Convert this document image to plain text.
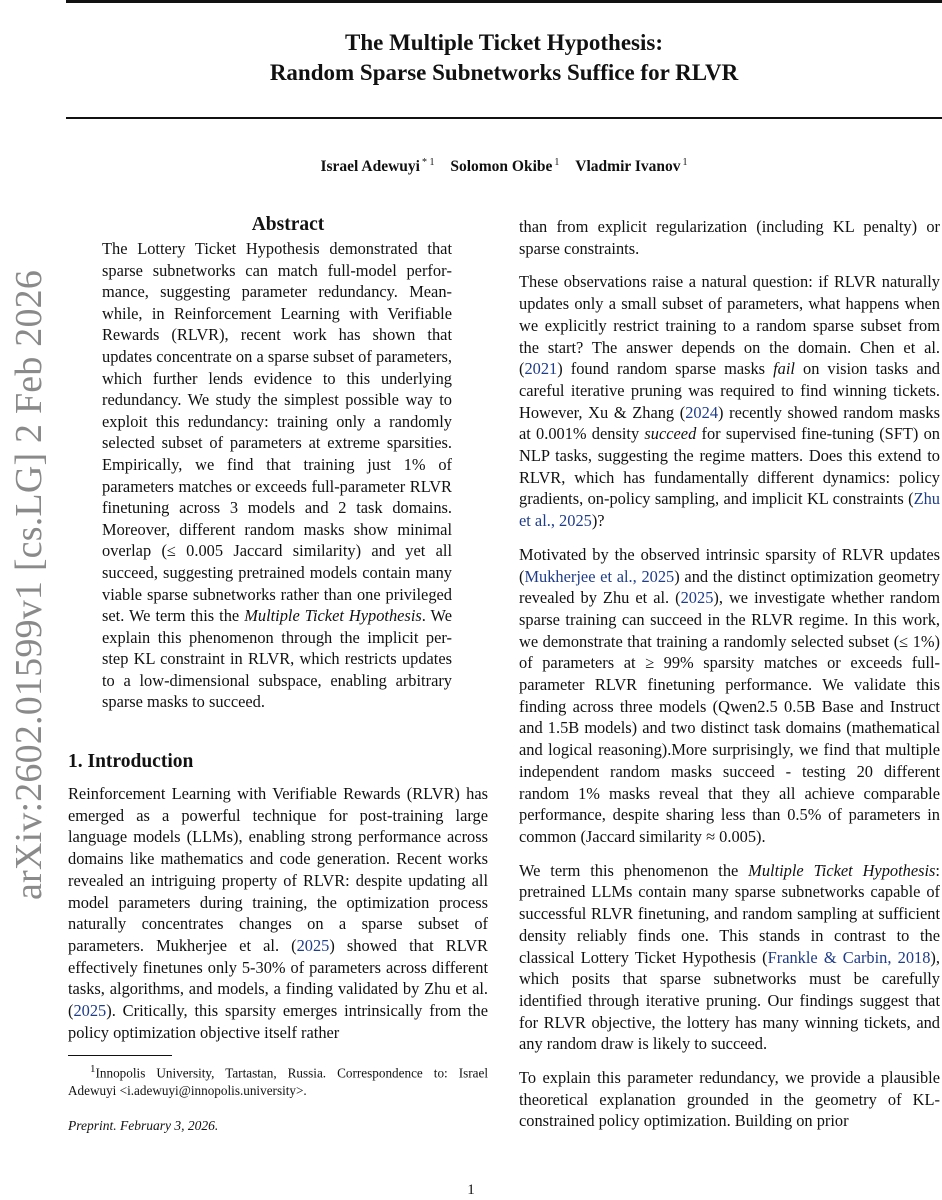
arXiv:2602.01599v1 [cs.LG] 2 Feb 2026
The Multiple Ticket Hypothesis:
Random Sparse Subnetworks Suffice for RLVR
Israel Adewuyi $^{* 1}$ Solomon Okibe $^1$ Vladmir Ivanov $^1$
Abstract
The Lottery Ticket Hypothesis demonstrated that sparse subnetworks can match full-model performance, suggesting parameter redundancy. Meanwhile, in Reinforcement Learning with Verifiable Rewards (RLVR), recent work has shown that updates concentrate on a sparse subset of parameters, which further lends evidence to this underlying redundancy. We study the simplest possible way to exploit this redundancy: training only a randomly selected subset of parameters at extreme sparsities. Empirically, we find that training just 1% of parameters matches or exceeds full-parameter RLVR finetuning across 3 models and 2 task domains. Moreover, different random masks show minimal overlap (≤ 0.005 Jaccard similarity) and yet all succeed, suggesting pretrained models contain many viable sparse subnetworks rather than one privileged set. We term this the Multiple Ticket Hypothesis. We explain this phenomenon through the implicit per-step KL constraint in RLVR, which restricts updates to a low-dimensional subspace, enabling arbitrary sparse masks to succeed.
1. Introduction

Reinforcement Learning with Verifiable Rewards (RLVR) has emerged as a powerful technique for post-training large language models (LLMs), enabling strong performance across domains like mathematics and code generation. Recent works revealed an intriguing property of RLVR: despite updating all model parameters during training, the optimization process naturally concentrates changes on a sparse subset of parameters. Mukherjee et al. (2025) showed that RLVR effectively finetunes only 5-30% of parameters across different tasks, algorithms, and models, a finding validated by Zhu et al. (2025). Critically, this sparsity emerges intrinsically from the policy optimization objective itself rather

$^1$Innopolis University, Tartastan, Russia. Correspondence to: Israel Adewuyi <i.adewuyi@innopolis.university>.
Preprint. February 3, 2026.

than from explicit regularization (including KL penalty) or sparse constraints.

These observations raise a natural question: if RLVR naturally updates only a small subset of parameters, what happens when we explicitly restrict training to a random sparse subset from the start? The answer depends on the domain. Chen et al. (2021) found random sparse masks fail on vision tasks and careful iterative pruning was required to find winning tickets. However, Xu & Zhang (2024) recently showed random masks at 0.001% density succeed for supervised fine-tuning (SFT) on NLP tasks, suggesting the regime matters. Does this extend to RLVR, which has fundamentally different dynamics: policy gradients, on-policy sampling, and implicit KL constraints (Zhu et al., 2025)?

Motivated by the observed intrinsic sparsity of RLVR updates (Mukherjee et al., 2025) and the distinct optimization geometry revealed by Zhu et al. (2025), we investigate whether random sparse training can succeed in the RLVR regime. In this work, we demonstrate that training a randomly selected subset (≤ 1%) of parameters at ≥ 99% sparsity matches or exceeds full-parameter RLVR finetuning performance. We validate this finding across three models (Qwen2.5 0.5B Base and Instruct and 1.5B models) and two distinct task domains (mathematical and logical reasoning).More surprisingly, we find that multiple independent random masks succeed - testing 20 different random 1% masks reveal that they all achieve comparable performance, despite sharing less than 0.5% of parameters in common (Jaccard similarity ≈ 0.005).

We term this phenomenon the Multiple Ticket Hypothesis: pretrained LLMs contain many sparse subnetworks capable of successful RLVR finetuning, and random sampling at sufficient density reliably finds one. This stands in contrast to the classical Lottery Ticket Hypothesis (Frankle & Carbin, 2018), which posits that sparse subnetworks must be carefully identified through iterative pruning. Our findings suggest that for RLVR objective, the lottery has many winning tickets, and any random draw is likely to succeed.

To explain this parameter redundancy, we provide a plausible theoretical explanation grounded in the geometry of KL-constrained policy optimization. Building on prior

1
